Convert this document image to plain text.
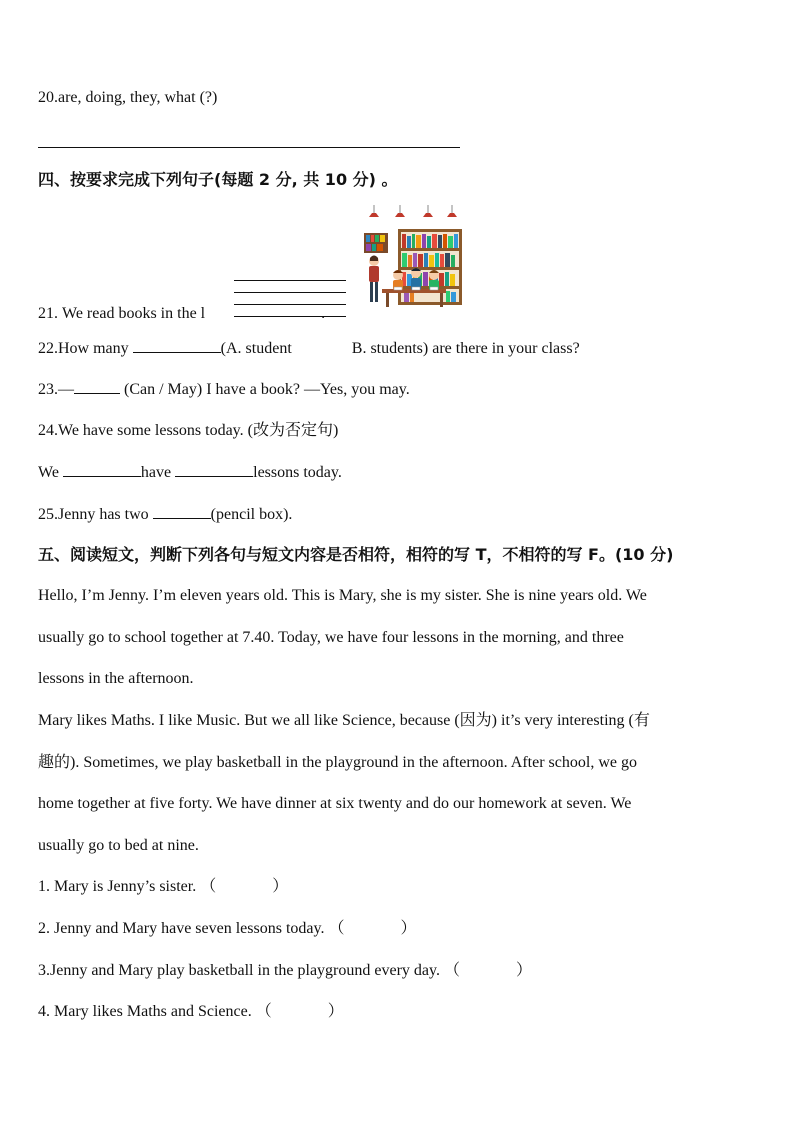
20.are, doing, they, what (?)
四、按要求完成下列句子(每题 2 分, 共 10 分) 。
21. We read books in the l	.
22.How many	(A. student	B. students) are there in your class?
23.—	(Can / May) I have a book? —Yes, you may.
24.We have some lessons today. (改为否定句)
We	have	lessons today.
25.Jenny has two	(pencil box).
五、阅读短文，判断下列各句与短文内容是否相符，相符的写 T，不相符的写 F。(10 分)
Hello, I’m Jenny. I’m eleven years old. This is Mary, she is my sister. She is nine years old. We
usually go to school together at 7.40. Today, we have four lessons in the morning, and three
lessons in the afternoon.
Mary likes Maths. I like Music. But we all like Science, because (因为) it’s very interesting (有
趣的). Sometimes, we play basketball in the playground in the afternoon. After school, we go
home together at five forty. We have dinner at six twenty and do our homework at seven. We
usually go to bed at nine.
1. Mary is Jenny’s sister. （	）
2. Jenny and Mary have seven lessons today. （	）
3.Jenny and Mary play basketball in the playground every day. （	）
4. Mary likes Maths and Science. （	）
